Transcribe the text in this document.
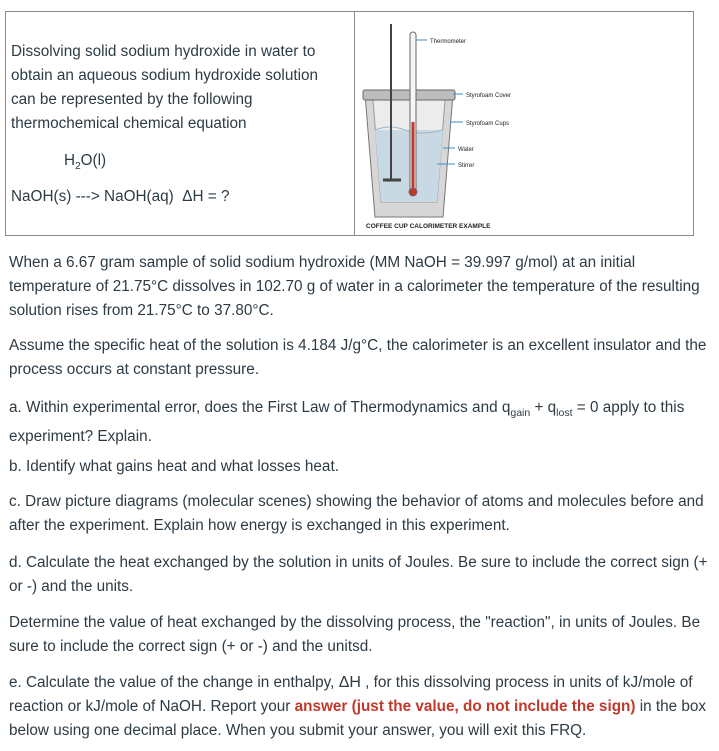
Dissolving solid sodium hydroxide in water to obtain an aqueous sodium hydroxide solution can be represented by the following thermochemical chemical equation

$H_2O(l)$
NaOH(s) ---> NaOH(aq) ΔH = ?
Thermometer
Styrofoam Cover
Styrofoam Cups
Water
Stirrer
COFFEE CUP CALORIMETER EXAMPLE

When a 6.67 gram sample of solid sodium hydroxide (MM NaOH = 39.997 g/mol) at an initial temperature of 21.75°C dissolves in 102.70 g of water in a calorimeter the temperature of the resulting solution rises from 21.75°C to 37.80°C.

Assume the specific heat of the solution is 4.184 J/g°C, the calorimeter is an excellent insulator and the process occurs at constant pressure.

a. Within experimental error, does the First Law of Thermodynamics and $q_{gain} + q_{lost} = 0$ apply to this experiment? Explain.

b. Identify what gains heat and what losses heat.

c. Draw picture diagrams (molecular scenes) showing the behavior of atoms and molecules before and after the experiment. Explain how energy is exchanged in this experiment.

d. Calculate the heat exchanged by the solution in units of Joules. Be sure to include the correct sign (+ or -) and the units.

Determine the value of heat exchanged by the dissolving process, the "reaction", in units of Joules. Be sure to include the correct sign (+ or -) and the unitsd.

e. Calculate the value of the change in enthalpy, ΔH , for this dissolving process in units of kJ/mole of reaction or kJ/mole of NaOH. Report your answer (just the value, do not include the sign) in the box below using one decimal place. When you submit your answer, you will exit this FRQ.
